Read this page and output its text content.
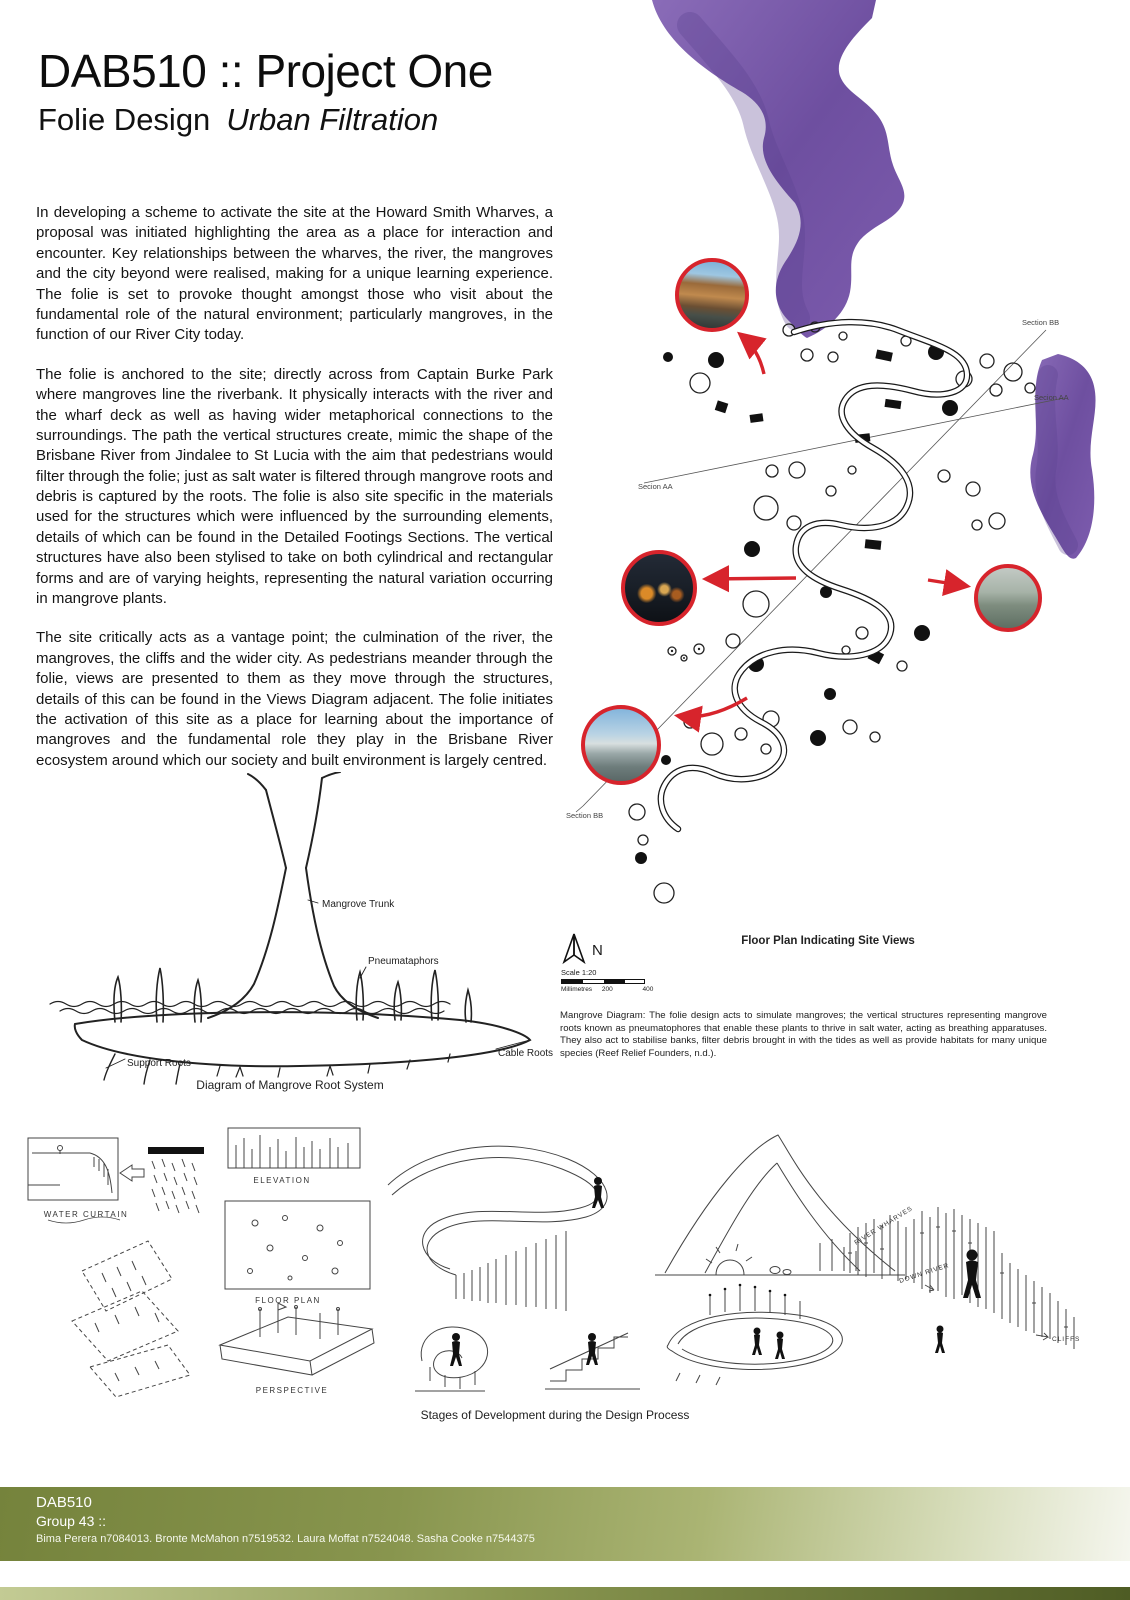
DAB510 :: Project One
Folie Design Urban Filtration

In developing a scheme to activate the site at the Howard Smith Wharves, a proposal was initiated highlighting the area as a place for interaction and encounter. Key relationships between the wharves, the river, the mangroves and the city beyond were realised, making for a unique learning experience. The folie is set to provoke thought amongst those who visit about the fundamental role of the natural environment; particularly mangroves, in the function of our River City today.

The folie is anchored to the site; directly across from Captain Burke Park where mangroves line the riverbank. It physically interacts with the river and the wharf deck as well as having wider metaphorical connections to the surroundings. The path the vertical structures create, mimic the shape of the Brisbane River from Jindalee to St Lucia with the aim that pedestrians would filter through the folie; just as salt water is filtered through mangrove roots and debris is captured by the roots. The folie is also site specific in the materials used for the structures which were influenced by the surrounding elements, details of which can be found in the Detailed Footings Sections. The vertical structures have also been stylised to take on both cylindrical and rectangular forms and are of varying heights, representing the natural variation occurring in mangrove plants.

The site critically acts as a vantage point; the culmination of the river, the mangroves, the cliffs and the wider city. As pedestrians meander through the folie, views are presented to them as they move through the structures, details of this can be found in the Views Diagram adjacent. The folie initiates the activation of this site as a place for learning about the importance of mangroves and the fundamental role they play in the Brisbane River ecosystem around which our society and built environment is largely centred.

Section BB
Secion AA
Secion AA
Section BB
N
Scale 1:20
Millimetres 200	400
Floor Plan Indicating Site Views
Mangrove Diagram: The folie design acts to simulate mangroves; the vertical structures representing mangrove roots known as pneumatophores that enable these plants to thrive in salt water, acting as breathing apparatuses. They also act to stabilise banks, filter debris brought in with the tides as well as provide habitats for many unique species (Reef Relief Founders, n.d.).
Mangrove Trunk
Pneumataphors
Cable Roots
Support Roots
Diagram of Mangrove Root System
WATER CURTAIN
ELEVATION
FLOOR PLAN
PERSPECTIVE
RIVER WHARVES
DOWN RIVER
CLIFFS
Stages of Development during the Design Process
DAB510
Group 43 ::
Bima Perera n7084013. Bronte McMahon n7519532. Laura Moffat n7524048. Sasha Cooke n7544375
